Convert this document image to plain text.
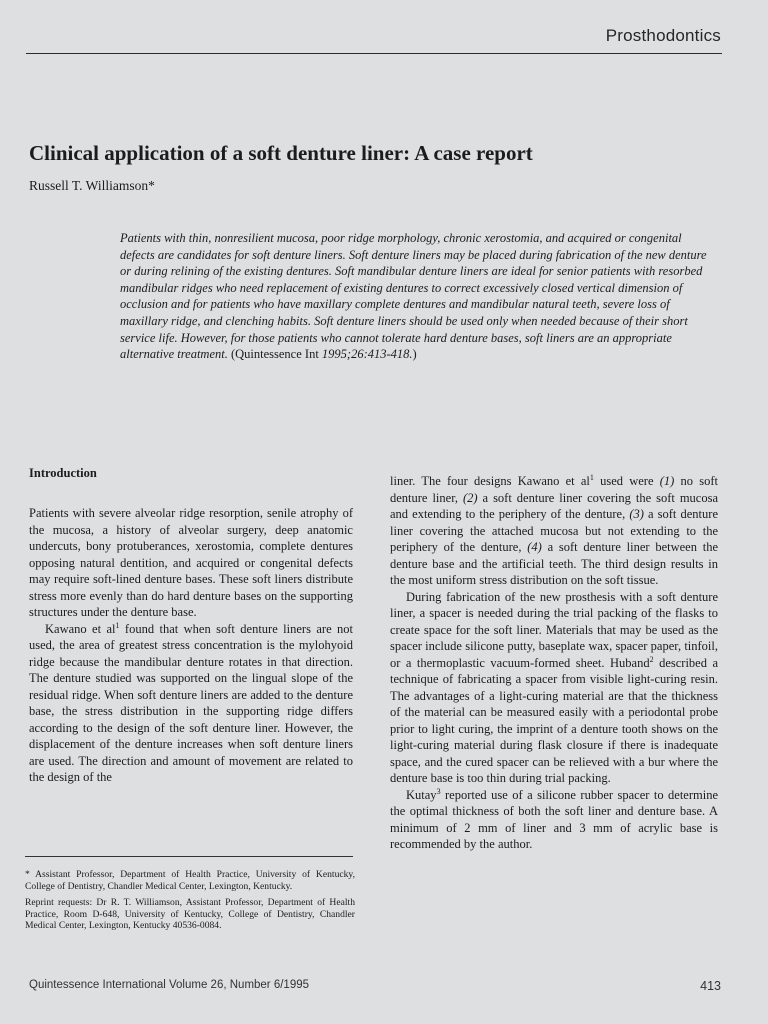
Prosthodontics
Clinical application of a soft denture liner: A case report
Russell T. Williamson*

Patients with thin, nonresilient mucosa, poor ridge morphology, chronic xerostomia, and acquired or congenital defects are candidates for soft denture liners. Soft denture liners may be placed during fabrication of the new denture or during relining of the existing dentures. Soft mandibular denture liners are ideal for senior patients with resorbed mandibular ridges who need replacement of existing dentures to correct excessively closed vertical dimension of occlusion and for patients who have maxillary complete dentures and mandibular natural teeth, severe loss of maxillary ridge, and clenching habits. Soft denture liners should be used only when needed because of their short service life. However, for those patients who cannot tolerate hard denture bases, soft liners are an appropriate alternative treatment. (Quintessence Int 1995;26:413-418.)

Introduction

Patients with severe alveolar ridge resorption, senile atrophy of the mucosa, a history of alveolar surgery, deep anatomic undercuts, bony protuberances, xerostomia, complete dentures opposing natural dentition, and acquired or congenital defects may require soft-lined denture bases. These soft liners distribute stress more evenly than do hard denture bases on the supporting structures under the denture base.

Kawano et $al^1$ found that when soft denture liners are not used, the area of greatest stress concentration is the mylohyoid ridge because the mandibular denture rotates in that direction. The denture studied was supported on the lingual slope of the residual ridge. When soft denture liners are added to the denture base, the stress distribution in the supporting ridge differs according to the design of the soft denture liner. However, the displacement of the denture increases when soft denture liners are used. The direction and amount of movement are related to the design of the

liner. The four designs Kawano et $al^1$ used were (1) no soft denture liner, (2) a soft denture liner covering the soft mucosa and extending to the periphery of the denture, (3) a soft denture liner covering the attached mucosa but not extending to the periphery of the denture, (4) a soft denture liner between the denture base and the artificial teeth. The third design results in the most uniform stress distribution on the soft tissue.

During fabrication of the new prosthesis with a soft denture liner, a spacer is needed during the trial packing of the flasks to create space for the soft liner. Materials that may be used as the spacer include silicone putty, baseplate wax, spacer paper, tinfoil, or a thermoplastic vacuum-formed sheet. Huband$^2$ described a technique of fabricating a spacer from visible light-curing resin. The advantages of a light-curing material are that the thickness of the material can be measured easily with a periodontal probe prior to light curing, the imprint of a denture tooth shows on the light-curing material during flask closure if there is inadequate space, and the cured spacer can be relieved with a bur where the denture base is too thin during trial packing.

Kutay$^3$ reported use of a silicone rubber spacer to determine the optimal thickness of both the soft liner and denture base. A minimum of 2 mm of liner and 3 mm of acrylic base is recommended by the author.

* Assistant Professor, Department of Health Practice, University of Kentucky, College of Dentistry, Chandler Medical Center, Lexington, Kentucky.

Reprint requests: Dr R. T. Williamson, Assistant Professor, Department of Health Practice, Room D-648, University of Kentucky, College of Dentistry, Chandler Medical Center, Lexington, Kentucky 40536-0084.

Quintessence International Volume 26, Number 6/1995	413
